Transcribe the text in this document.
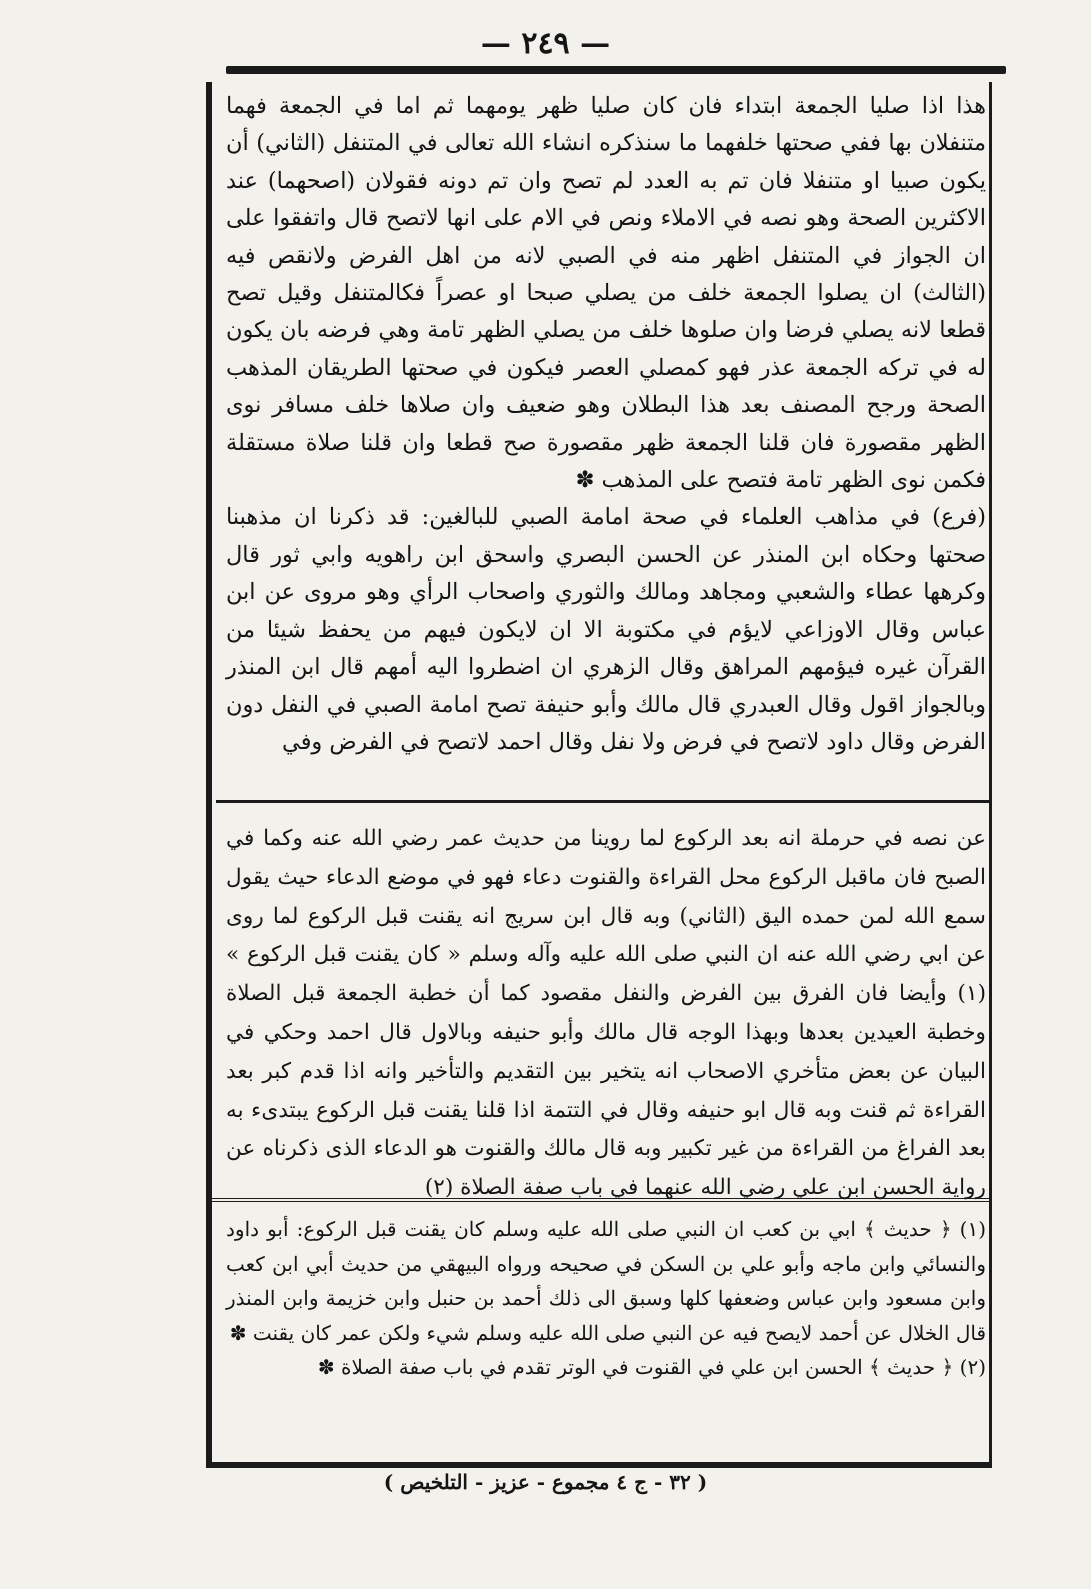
— ٢٤٩ —

هذا اذا صليا الجمعة ابتداء فان كان صليا ظهر يومهما ثم اما في الجمعة فهما متنفلان بها ففي صحتها خلفهما ما سنذكره انشاء الله تعالى في المتنفل (الثاني) أن يكون صبيا او متنفلا فان تم به العدد لم تصح وان تم دونه فقولان (اصحهما) عند الاكثرين الصحة وهو نصه في الاملاء ونص في الام على انها لاتصح قال واتفقوا على ان الجواز في المتنفل اظهر منه في الصبي لانه من اهل الفرض ولانقص فيه (الثالث) ان يصلوا الجمعة خلف من يصلي صبحا او عصراً فكالمتنفل وقيل تصح قطعا لانه يصلي فرضا وان صلوها خلف من يصلي الظهر تامة وهي فرضه بان يكون له في تركه الجمعة عذر فهو كمصلي العصر فيكون في صحتها الطريقان المذهب الصحة ورجح المصنف بعد هذا البطلان وهو ضعيف وان صلاها خلف مسافر نوى الظهر مقصورة فان قلنا الجمعة ظهر مقصورة صح قطعا وان قلنا صلاة مستقلة فكمن نوى الظهر تامة فتصح على المذهب ✽

(فرع) في مذاهب العلماء في صحة امامة الصبي للبالغين: قد ذكرنا ان مذهبنا صحتها وحكاه ابن المنذر عن الحسن البصري واسحق ابن راهويه وابي ثور قال وكرهها عطاء والشعبي ومجاهد ومالك والثوري واصحاب الرأي وهو مروى عن ابن عباس وقال الاوزاعي لايؤم في مكتوبة الا ان لايكون فيهم من يحفظ شيئا من القرآن غيره فيؤمهم المراهق وقال الزهري ان اضطروا اليه أمهم قال ابن المنذر وبالجواز اقول وقال العبدري قال مالك وأبو حنيفة تصح امامة الصبي في النفل دون الفرض وقال داود لاتصح في فرض ولا نفل وقال احمد لاتصح في الفرض وفي

عن نصه في حرملة انه بعد الركوع لما روينا من حديث عمر رضي الله عنه وكما في الصبح فان ماقبل الركوع محل القراءة والقنوت دعاء فهو في موضع الدعاء حيث يقول سمع الله لمن حمده اليق (الثاني) وبه قال ابن سريج انه يقنت قبل الركوع لما روى عن ابي رضي الله عنه ان النبي صلى الله عليه وآله وسلم « كان يقنت قبل الركوع » (١) وأيضا فان الفرق بين الفرض والنفل مقصود كما أن خطبة الجمعة قبل الصلاة وخطبة العيدين بعدها وبهذا الوجه قال مالك وأبو حنيفه وبالاول قال احمد وحكي في البيان عن بعض متأخري الاصحاب انه يتخير بين التقديم والتأخير وانه اذا قدم كبر بعد القراءة ثم قنت وبه قال ابو حنيفه وقال في التتمة اذا قلنا يقنت قبل الركوع يبتدىء به بعد الفراغ من القراءة من غير تكبير وبه قال مالك والقنوت هو الدعاء الذى ذكرناه عن رواية الحسن ابن علي رضي الله عنهما في باب صفة الصلاة (٢)

(١) ﴿ حديث ﴾ ابي بن كعب ان النبي صلى الله عليه وسلم كان يقنت قبل الركوع: أبو داود والنسائي وابن ماجه وأبو علي بن السكن في صحيحه ورواه البيهقي من حديث أبي ابن كعب وابن مسعود وابن عباس وضعفها كلها وسبق الى ذلك أحمد بن حنبل وابن خزيمة وابن المنذر قال الخلال عن أحمد لايصح فيه عن النبي صلى الله عليه وسلم شيء ولكن عمر كان يقنت ✽

(٢) ﴿ حديث ﴾ الحسن ابن علي في القنوت في الوتر تقدم في باب صفة الصلاة ✽

( ٣٢ - ج ٤ مجموع - عزيز - التلخيص )
